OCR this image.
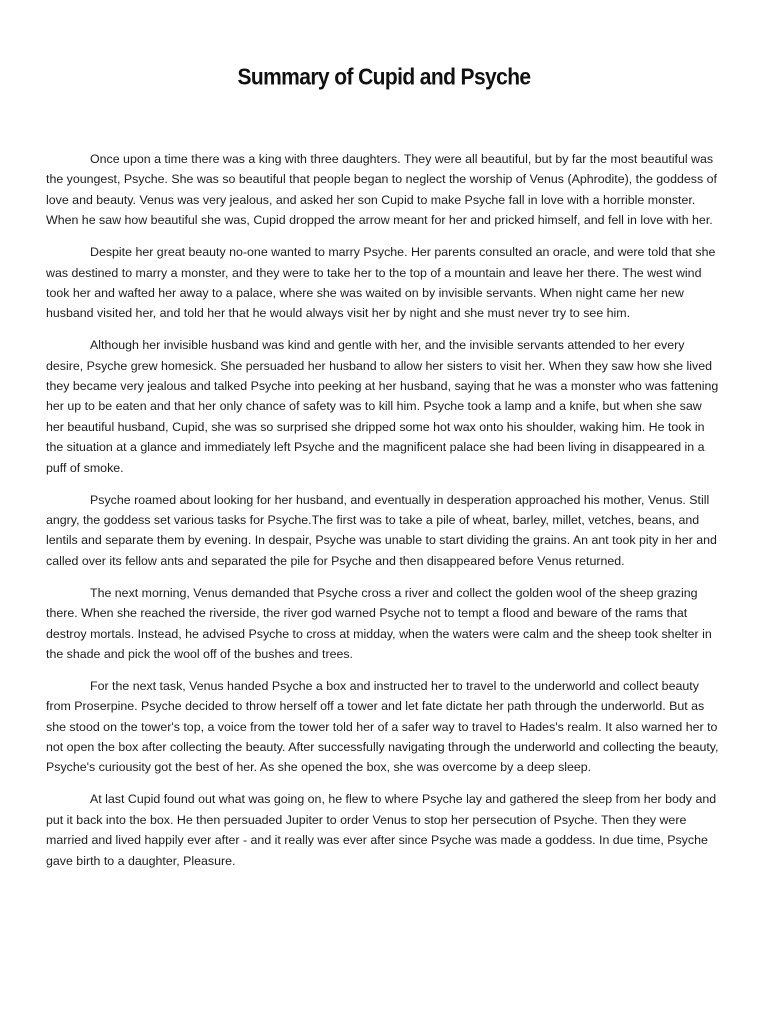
Summary of Cupid and Psyche

Once upon a time there was a king with three daughters. They were all beautiful, but by far the most beautiful was the youngest, Psyche. She was so beautiful that people began to neglect the worship of Venus (Aphrodite), the goddess of love and beauty. Venus was very jealous, and asked her son Cupid to make Psyche fall in love with a horrible monster. When he saw how beautiful she was, Cupid dropped the arrow meant for her and pricked himself, and fell in love with her.

Despite her great beauty no-one wanted to marry Psyche. Her parents consulted an oracle, and were told that she was destined to marry a monster, and they were to take her to the top of a mountain and leave her there. The west wind took her and wafted her away to a palace, where she was waited on by invisible servants. When night came her new husband visited her, and told her that he would always visit her by night and she must never try to see him.

Although her invisible husband was kind and gentle with her, and the invisible servants attended to her every desire, Psyche grew homesick. She persuaded her husband to allow her sisters to visit her. When they saw how she lived they became very jealous and talked Psyche into peeking at her husband, saying that he was a monster who was fattening her up to be eaten and that her only chance of safety was to kill him. Psyche took a lamp and a knife, but when she saw her beautiful husband, Cupid, she was so surprised she dripped some hot wax onto his shoulder, waking him. He took in the situation at a glance and immediately left Psyche and the magnificent palace she had been living in disappeared in a puff of smoke.

Psyche roamed about looking for her husband, and eventually in desperation approached his mother, Venus. Still angry, the goddess set various tasks for Psyche.The first was to take a pile of wheat, barley, millet, vetches, beans, and lentils and separate them by evening. In despair, Psyche was unable to start dividing the grains. An ant took pity in her and called over its fellow ants and separated the pile for Psyche and then disappeared before Venus returned.

The next morning, Venus demanded that Psyche cross a river and collect the golden wool of the sheep grazing there. When she reached the riverside, the river god warned Psyche not to tempt a flood and beware of the rams that destroy mortals. Instead, he advised Psyche to cross at midday, when the waters were calm and the sheep took shelter in the shade and pick the wool off of the bushes and trees.

For the next task, Venus handed Psyche a box and instructed her to travel to the underworld and collect beauty from Proserpine. Psyche decided to throw herself off a tower and let fate dictate her path through the underworld. But as she stood on the tower's top, a voice from the tower told her of a safer way to travel to Hades's realm. It also warned her to not open the box after collecting the beauty. After successfully navigating through the underworld and collecting the beauty, Psyche's curiousity got the best of her. As she opened the box, she was overcome by a deep sleep.

At last Cupid found out what was going on, he flew to where Psyche lay and gathered the sleep from her body and put it back into the box. He then persuaded Jupiter to order Venus to stop her persecution of Psyche. Then they were married and lived happily ever after - and it really was ever after since Psyche was made a goddess. In due time, Psyche gave birth to a daughter, Pleasure.
